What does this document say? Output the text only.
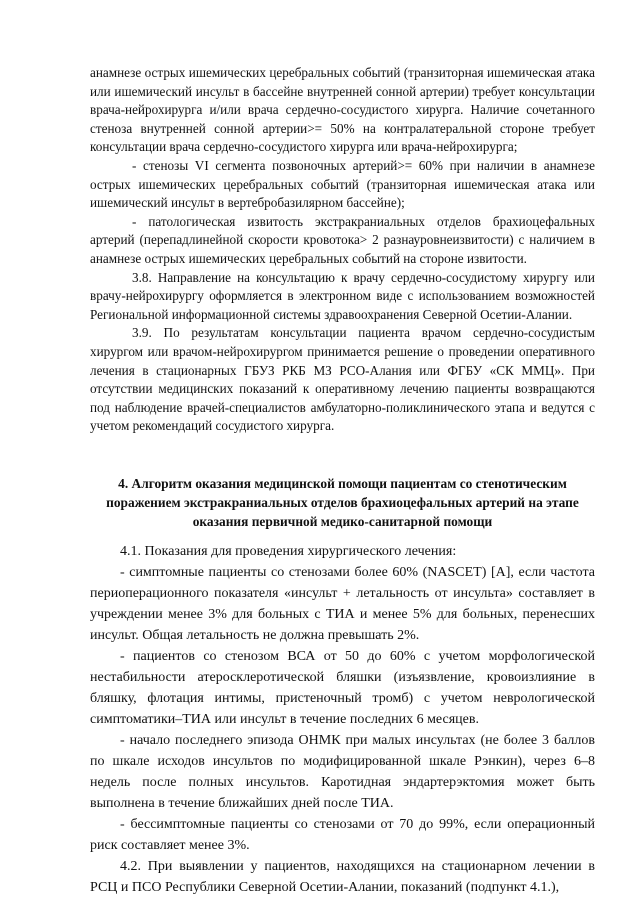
анамнезе острых ишемических церебральных событий (транзиторная ишемическая атака или ишемический инсульт в бассейне внутренней сонной артерии) требует консультации врача-нейрохирурга и/или врача сердечно-сосудистого хирурга. Наличие сочетанного стеноза внутренней сонной артерии>= 50% на контралатеральной стороне требует консультации врача сердечно-сосудистого хирурга или врача-нейрохирурга;

- стенозы VI сегмента позвоночных артерий>= 60% при наличии в анамнезе острых ишемических церебральных событий (транзиторная ишемическая атака или ишемический инсульт в вертебробазилярном бассейне);

- патологическая извитость экстракраниальных отделов брахиоцефальных артерий (перепадлинейной скорости кровотока> 2 разнауровнеизвитости) с наличием в анамнезе острых ишемических церебральных событий на стороне извитости.

3.8. Направление на консультацию к врачу сердечно-сосудистому хирургу или врачу-нейрохирургу оформляется в электронном виде с использованием возможностей Региональной информационной системы здравоохранения Северной Осетии-Алании.

3.9. По результатам консультации пациента врачом сердечно-сосудистым хирургом или врачом-нейрохирургом принимается решение о проведении оперативного лечения в стационарных ГБУЗ РКБ МЗ РСО-Алания или ФГБУ «СК ММЦ». При отсутствии медицинских показаний к оперативному лечению пациенты возвращаются под наблюдение врачей-специалистов амбулаторно-поликлинического этапа и ведутся с учетом рекомендаций сосудистого хирурга.

4. Алгоритм оказания медицинской помощи пациентам со стенотическим поражением экстракраниальных отделов брахиоцефальных артерий на этапе оказания первичной медико-санитарной помощи

4.1. Показания для проведения хирургического лечения:

- симптомные пациенты со стенозами более 60% (NASCET) [A], если частота периоперационного показателя «инсульт + летальность от инсульта» составляет в учреждении менее 3% для больных с ТИА и менее 5% для больных, перенесших инсульт. Общая летальность не должна превышать 2%.

- пациентов со стенозом ВСА от 50 до 60% с учетом морфологической нестабильности атеросклеротической бляшки (изъязвление, кровоизлияние в бляшку, флотация интимы, пристеночный тромб) с учетом неврологической симптоматики–ТИА или инсульт в течение последних 6 месяцев.

- начало последнего эпизода ОНМК при малых инсультах (не более 3 баллов по шкале исходов инсультов по модифицированной шкале Рэнкин), через 6–8 недель после полных инсультов. Каротидная эндартерэктомия может быть выполнена в течение ближайших дней после ТИА.

- бессимптомные пациенты со стенозами от 70 до 99%, если операционный риск составляет менее 3%.

4.2. При выявлении у пациентов, находящихся на стационарном лечении в РСЦ и ПСО Республики Северной Осетии-Алании, показаний (подпункт 4.1.),
